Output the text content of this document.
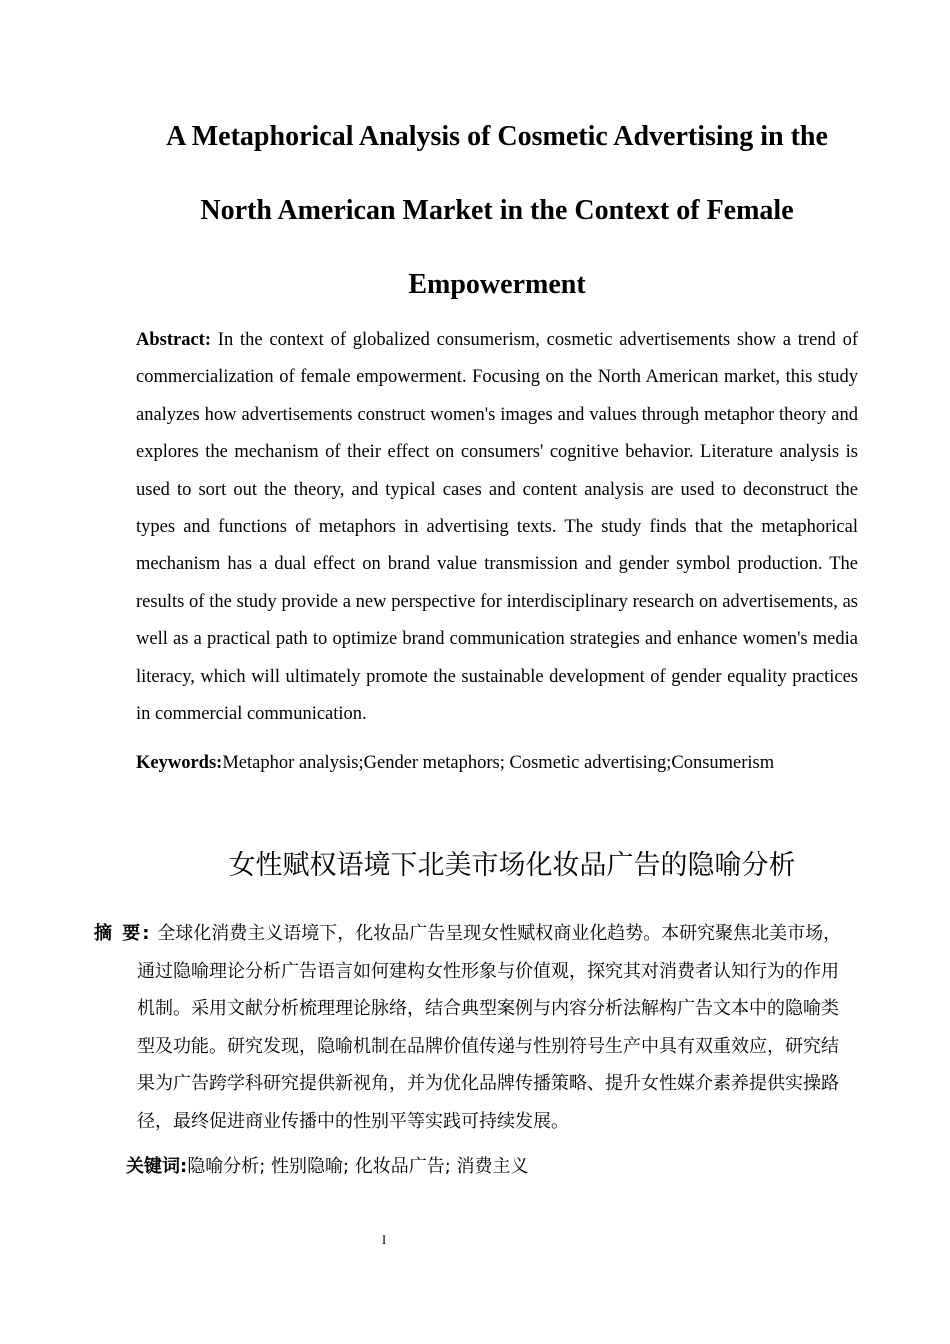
A Metaphorical Analysis of Cosmetic Advertising in the
North American Market in the Context of Female
Empowerment

Abstract: In the context of globalized consumerism, cosmetic advertisements show a trend of commercialization of female empowerment. Focusing on the North American market, this study analyzes how advertisements construct women's images and values through metaphor theory and explores the mechanism of their effect on consumers' cognitive behavior. Literature analysis is used to sort out the theory, and typical cases and content analysis are used to deconstruct the types and functions of metaphors in advertising texts. The study finds that the metaphorical mechanism has a dual effect on brand value transmission and gender symbol production. The results of the study provide a new perspective for interdisciplinary research on advertisements, as well as a practical path to optimize brand communication strategies and enhance women's media literacy, which will ultimately promote the sustainable development of gender equality practices in commercial communication.

Keywords:Metaphor analysis;Gender metaphors; Cosmetic advertising;Consumerism

女性赋权语境下北美市场化妆品广告的隐喻分析

摘 要: 全球化消费主义语境下，化妆品广告呈现女性赋权商业化趋势。本研究聚焦北美市场，通过隐喻理论分析广告语言如何建构女性形象与价值观，探究其对消费者认知行为的作用机制。采用文献分析梳理理论脉络，结合典型案例与内容分析法解构广告文本中的隐喻类型及功能。研究发现，隐喻机制在品牌价值传递与性别符号生产中具有双重效应，研究结果为广告跨学科研究提供新视角，并为优化品牌传播策略、提升女性媒介素养提供实操路径，最终促进商业传播中的性别平等实践可持续发展。

关键词:隐喻分析; 性别隐喻; 化妆品广告; 消费主义

I
